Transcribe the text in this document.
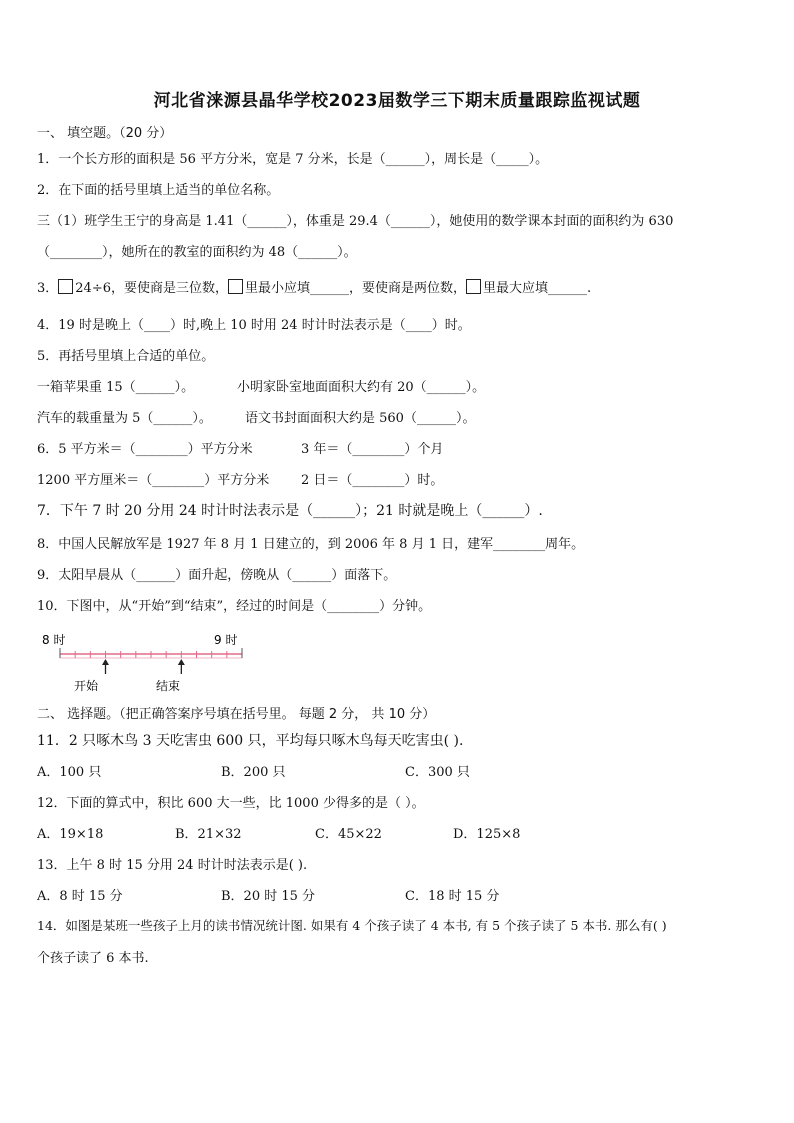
河北省涞源县晶华学校2023届数学三下期末质量跟踪监视试题
一、 填空题。（20 分）
1．一个长方形的面积是 56 平方分米，宽是 7 分米，长是（______），周长是（_____）。
2．在下面的括号里填上适当的单位名称。
三（1）班学生王宁的身高是 1.41（______），体重是 29.4（______），她使用的数学课本封面的面积约为 630
（________），她所在的教室的面积约为 48（______）。
3． 24÷6，要使商是三位数， 里最小应填______，要使商是两位数， 里最大应填______.
4．19 时是晚上（____）时,晚上 10 时用 24 时计时法表示是（____）时。
5．再括号里填上合适的单位。
一箱苹果重 15（______）。	小明家卧室地面面积大约有 20（______）。
汽车的载重量为 5（______）。	语文书封面面积大约是 560（______）。
6．5 平方米＝（________）平方分米	3 年＝（________）个月
1200 平方厘米＝（________）平方分米 2 日＝（________）时。
7．下午 7 时 20 分用 24 时计时法表示是（______）；21 时就是晚上（______）.
8．中国人民解放军是 1927 年 8 月 1 日建立的，到 2006 年 8 月 1 日，建军________周年。
9．太阳早晨从（______）面升起，傍晚从（______）面落下。
10．下图中，从“开始”到“结束”，经过的时间是（________）分钟。
8 时	9 时
开始	结束
二、 选择题。（把正确答案序号填在括号里。 每题 2 分， 共 10 分）
11．2 只啄木鸟 3 天吃害虫 600 只，平均每只啄木鸟每天吃害虫( ).
A．100 只	B．200 只	C．300 只
12．下面的算式中，积比 600 大一些，比 1000 少得多的是（ ）。
A．19×18	B．21×32	C．45×22	D．125×8
13．上午 8 时 15 分用 24 时计时法表示是( ).
A．8 时 15 分	B．20 时 15 分	C．18 时 15 分
14．如图是某班一些孩子上月的读书情况统计图. 如果有 4 个孩子读了 4 本书, 有 5 个孩子读了 5 本书. 那么有( )
个孩子读了 6 本书.
